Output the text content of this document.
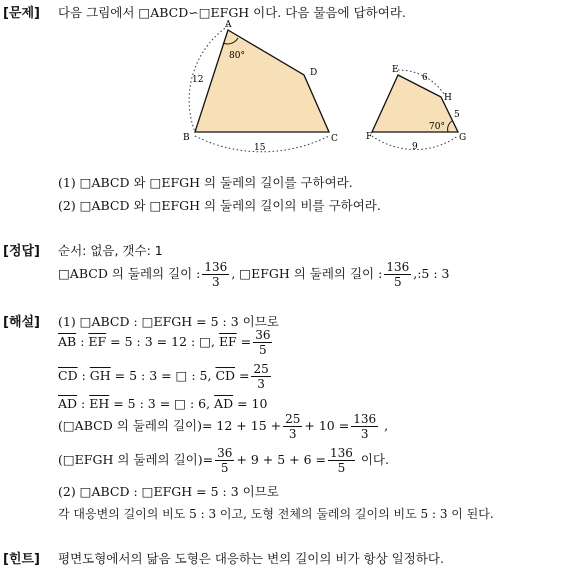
[문제] 다음 그림에서 □ABCD∽□EFGH 이다. 다음 물음에 답하여라.
A
B	C
D	E
F	G
H
12
15
80°
6
5
9
70°
(1) □ABCD 와 □EFGH 의 둘레의 길이를 구하여라.
(2) □ABCD 와 □EFGH 의 둘레의 길이의 비를 구하여라.
[정답] 순서: 없음, 갯수: 1
□ABCD 의 둘레의 길이 : $\frac{136}{3}$ , □EFGH 의 둘레의 길이 : $\frac{136}{5}$ ,:5 : 3
[해설] (1) □ABCD : □EFGH = 5 : 3 이므로
$\overline{AB}$ : $\overline{EF} = 5$ : 3 = 12 : □, $\overline{EF} = \frac{36}{5}$
$\overline{CD}$ : $\overline{GH} = 5$ : 3 = □ : 5, $\overline{CD} = \frac{25}{3}$
$\overline{AD}$ : $\overline{EH} = 5$ : 3 = □ : 6, $\overline{AD} = 10$
(□ABCD 의 둘레의 길이)= $12 + 15 + \frac{25}{3} + 10 = \frac{136}{3}$ ,
(□EFGH 의 둘레의 길이)= $\frac{36}{5} + 9 + 5 + 6 = \frac{136}{5}$ 이다.
(2) □ABCD : □EFGH = 5 : 3 이므로
각 대응변의 길이의 비도 5 : 3 이고, 도형 전체의 둘레의 길이의 비도 5 : 3 이 된다.
[힌트] 평면도형에서의 닮음 도형은 대응하는 변의 길이의 비가 항상 일정하다.
